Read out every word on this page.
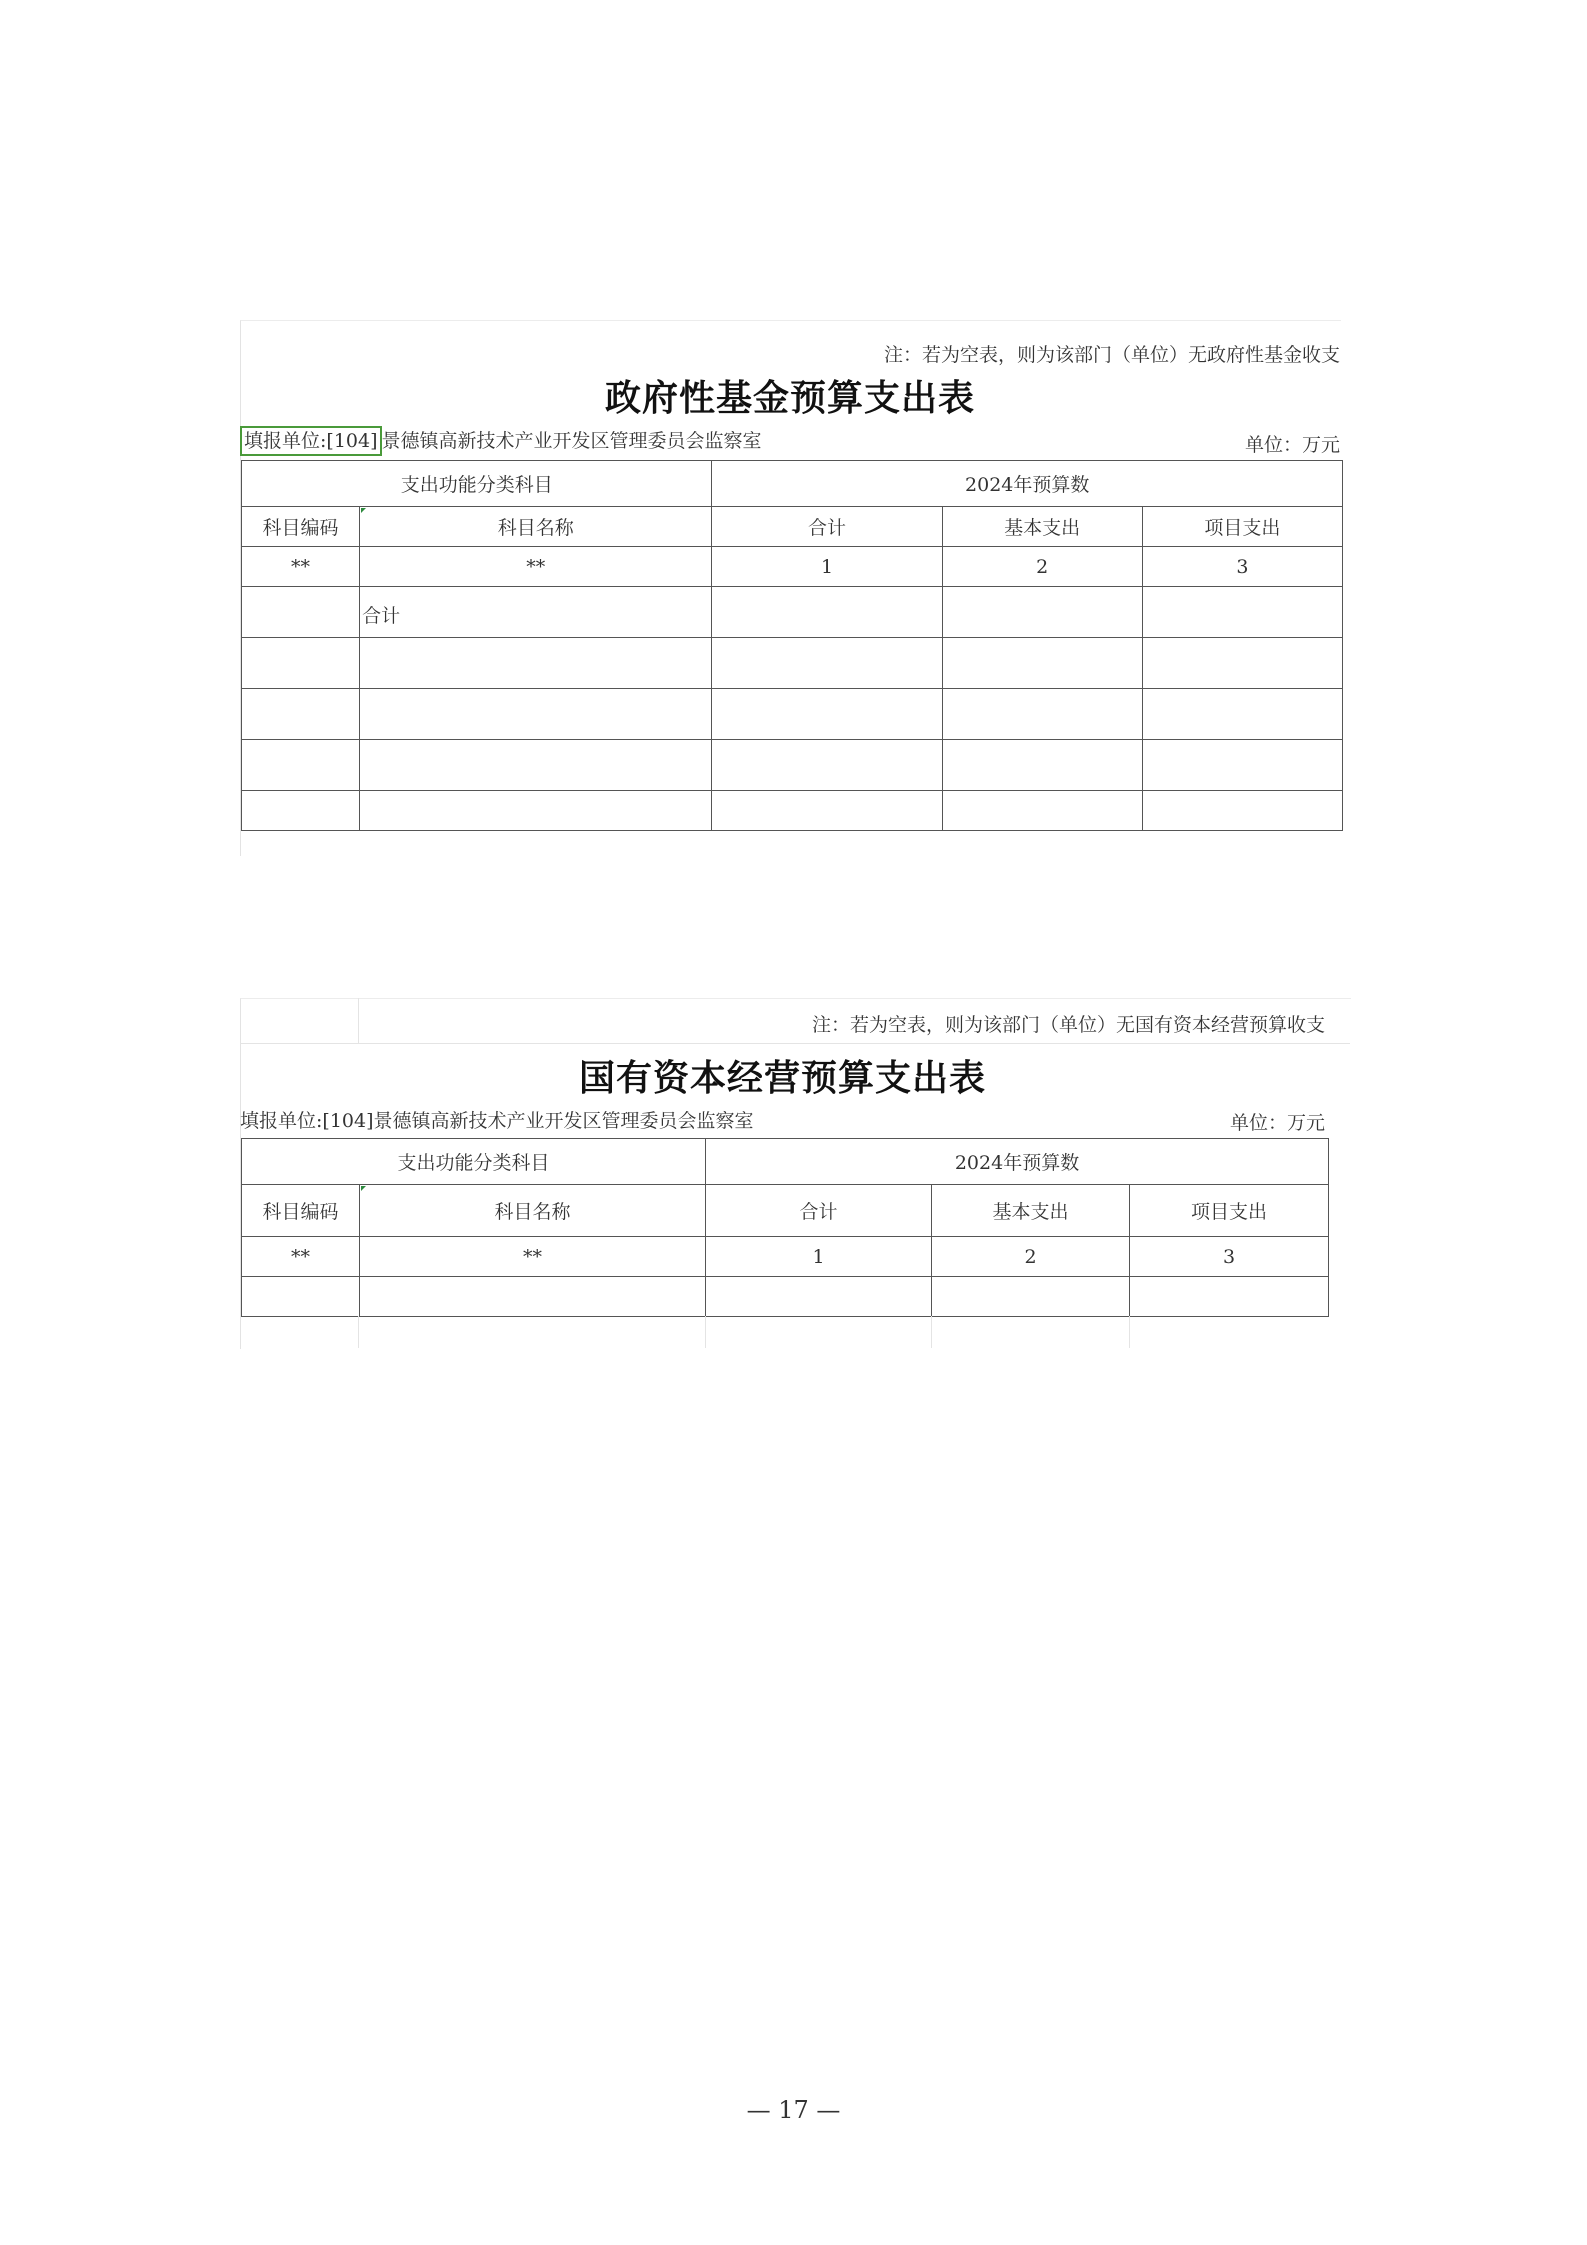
注：若为空表，则为该部门（单位）无政府性基金收支
政府性基金预算支出表
填报单位:[104] 景德镇高新技术产业开发区管理委员会监察室	单位：万元
支出功能分类科目		2024年预算数		
科目编码	科目名称	合计	基本支出	项目支出
**	**	1	2	3
	合计			

注：若为空表，则为该部门（单位）无国有资本经营预算收支
国有资本经营预算支出表
填报单位:[104]景德镇高新技术产业开发区管理委员会监察室	单位：万元
支出功能分类科目		2024年预算数		
科目编码	科目名称	合计	基本支出	项目支出
**	**	1	2	3

— 17 —
